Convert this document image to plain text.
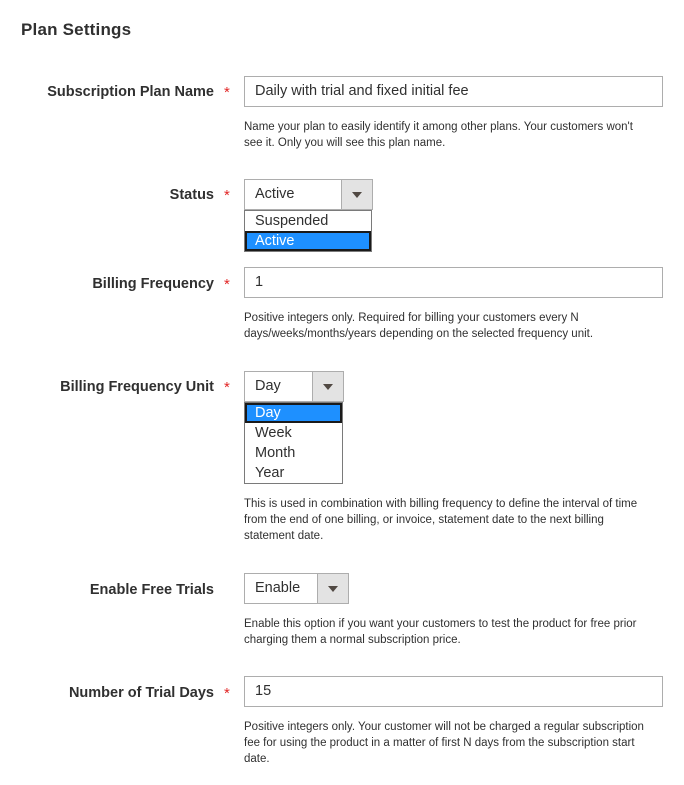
Plan Settings
Subscription Plan Name *	Daily with trial and fixed initial fee
Name your plan to easily identify it among other plans. Your customers won't see it. Only you will see this plan name.
Status * Active
Suspended
Active
Billing Frequency *	1
Positive integers only. Required for billing your customers every N days/weeks/months/years depending on the selected frequency unit.
Billing Frequency Unit * Day
Day
Week
Month
Year
This is used in combination with billing frequency to define the interval of time from the end of one billing, or invoice, statement date to the next billing statement date.
Enable Free Trials	Enable
Enable this option if you want your customers to test the product for free prior charging them a normal subscription price.
Number of Trial Days *	15
Positive integers only. Your customer will not be charged a regular subscription fee for using the product in a matter of first N days from the subscription start date.
